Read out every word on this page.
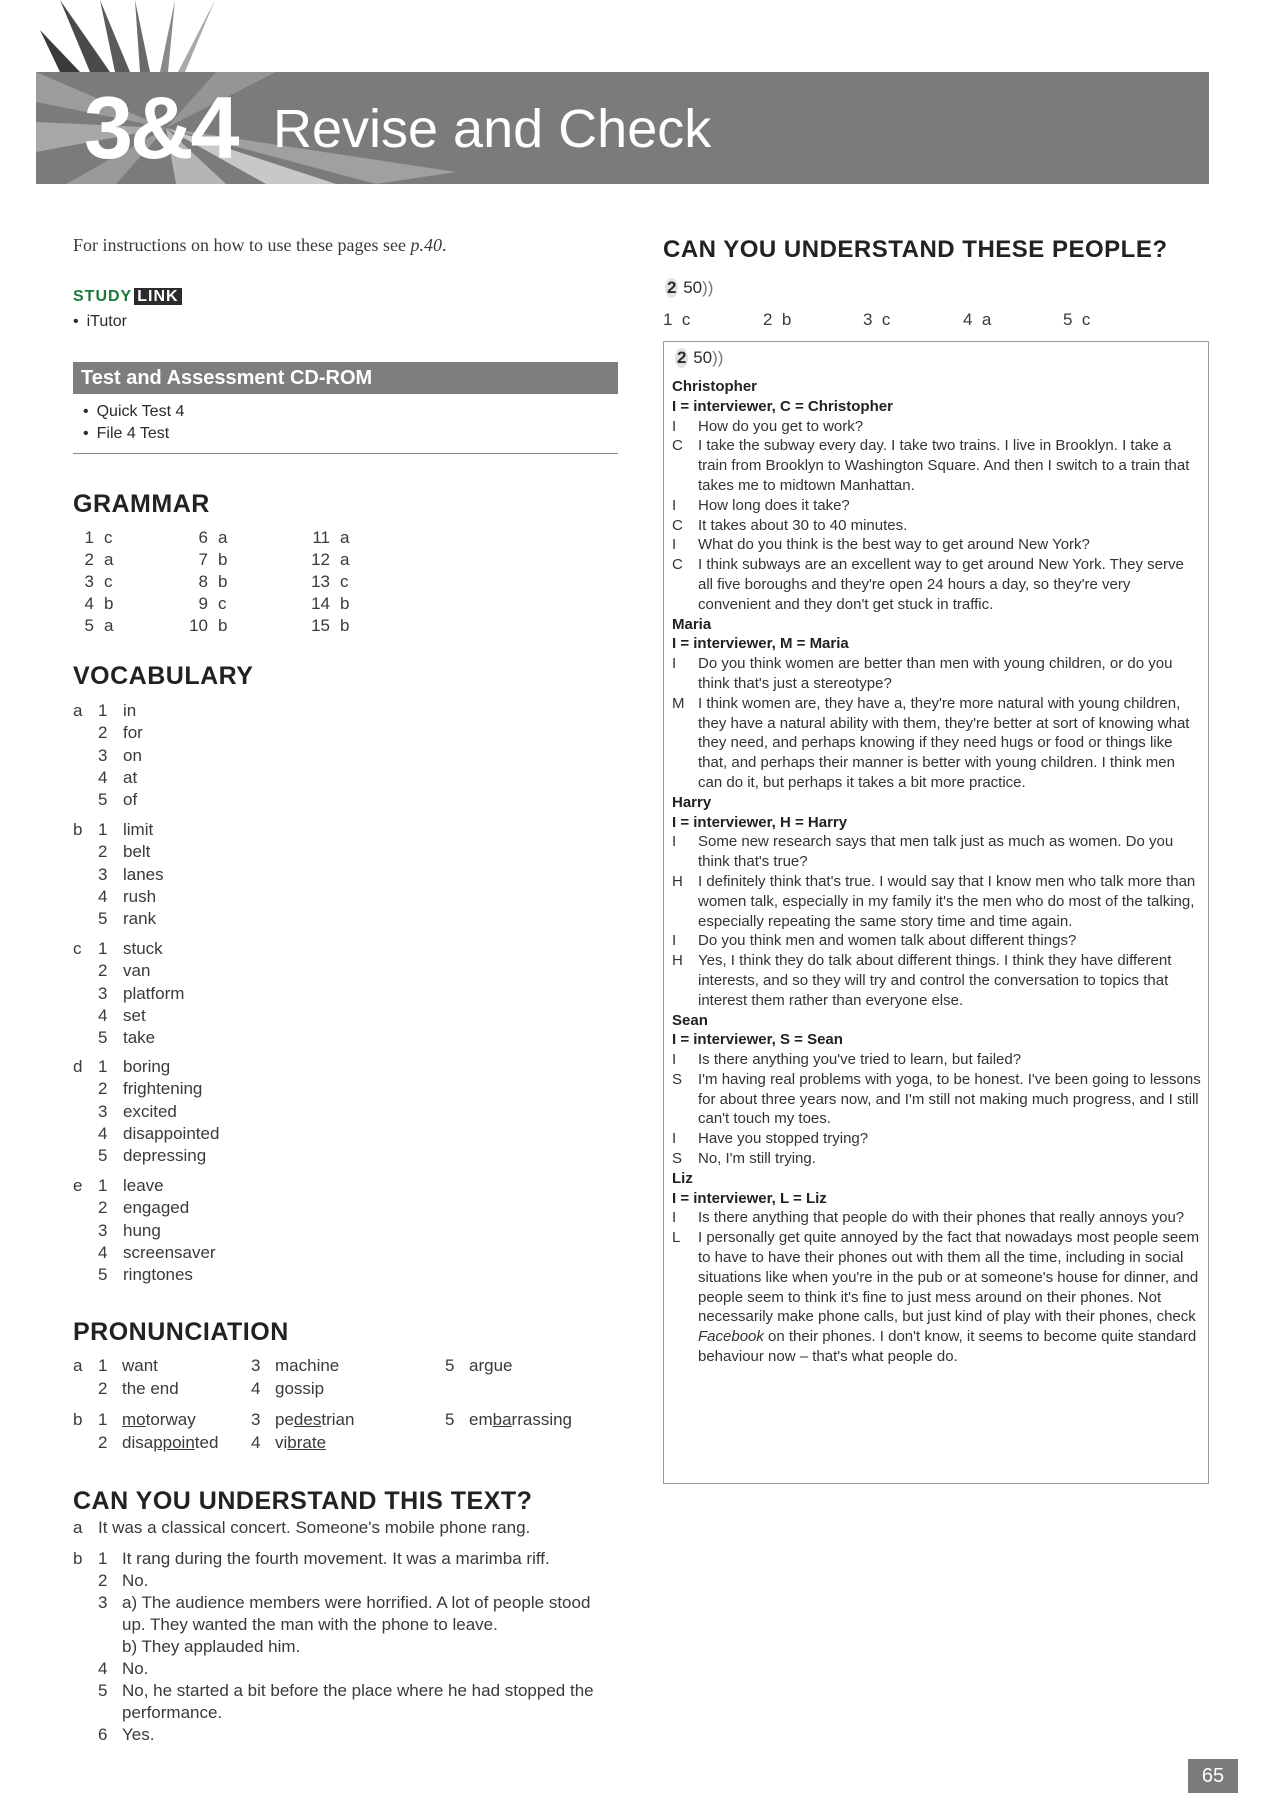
3&4 Revise and Check
For instructions on how to use these pages see p.40.
STUDY LINK
• iTutor
Test and Assessment CD-ROM
• Quick Test 4
• File 4 Test
GRAMMAR
1 c
2 a
3 c
4 b
5 a
6 a
7 b
8 b
9 c
10 b
11 a
12 a
13 c
14 b
15 b
VOCABULARY
a 1 in
2 for
3 on
4 at
5 of
b 1 limit
2 belt
3 lanes
4 rush
5 rank
c 1 stuck
2 van
3 platform
4 set
5 take
d 1 boring
2 frightening
3 excited
4 disappointed
5 depressing
e 1 leave
2 engaged
3 hung
4 screensaver
5 ringtones
PRONUNCIATION
a 1 want
2 the end
3 machine
4 gossip
5 argue
b 1 mo torway
2 disa ppoin ted
3 pe des trian
4 vi brate
5 em ba rrassing
CAN YOU UNDERSTAND THIS TEXT?
a It was a classical concert. Someone's mobile phone rang.
b 1 It rang during the fourth movement. It was a marimba riff.
2 No.
3 a) The audience members were horrified. A lot of people stood up. They wanted the man with the phone to leave.
b) They applauded him.
4 No.
5 No, he started a bit before the place where he had stopped the performance.
6 Yes.
CAN YOU UNDERSTAND THESE PEOPLE?
2 50))
1 c	2 b	3 c	4 a	5 c
2 50))
Christopher
I = interviewer, C = Christopher
I	How do you get to work?
C	I take the subway every day. I take two trains. I live in Brooklyn. I take a train from Brooklyn to Washington Square. And then I switch to a train that takes me to midtown Manhattan.
I	How long does it take?
C	It takes about 30 to 40 minutes.
I	What do you think is the best way to get around New York?
C	I think subways are an excellent way to get around New York. They serve all five boroughs and they're open 24 hours a day, so they're very convenient and they don't get stuck in traffic.
Maria
I = interviewer, M = Maria
I	Do you think women are better than men with young children, or do you think that's just a stereotype?
M I think women are, they have a, they're more natural with young children, they have a natural ability with them, they're better at sort of knowing what they need, and perhaps knowing if they need hugs or food or things like that, and perhaps their manner is better with young children. I think men can do it, but perhaps it takes a bit more practice.
Harry
I = interviewer, H = Harry
I	Some new research says that men talk just as much as women. Do you think that's true?
H	I definitely think that's true. I would say that I know men who talk more than women talk, especially in my family it's the men who do most of the talking, especially repeating the same story time and time again.
I	Do you think men and women talk about different things?
H	Yes, I think they do talk about different things. I think they have different interests, and so they will try and control the conversation to topics that interest them rather than everyone else.
Sean
I = interviewer, S = Sean
I	Is there anything you've tried to learn, but failed?
S	I'm having real problems with yoga, to be honest. I've been going to lessons for about three years now, and I'm still not making much progress, and I still can't touch my toes.
I	Have you stopped trying?
S	No, I'm still trying.
Liz
I = interviewer, L = Liz
I	Is there anything that people do with their phones that really annoys you?
L	I personally get quite annoyed by the fact that nowadays most people seem to have to have their phones out with them all the time, including in social situations like when you're in the pub or at someone's house for dinner, and people seem to think it's fine to just mess around on their phones. Not necessarily make phone calls, but just kind of play with their phones, check Facebook on their phones. I don't know, it seems to become quite standard behaviour now – that's what people do.
65
